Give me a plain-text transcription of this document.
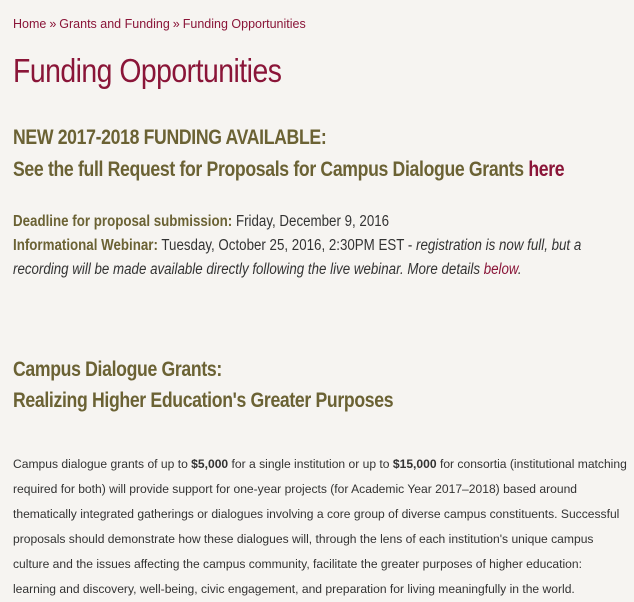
Home » Grants and Funding » Funding Opportunities
Funding Opportunities
NEW 2017-2018 FUNDING AVAILABLE:
See the full Request for Proposals for Campus Dialogue Grants here
Deadline for proposal submission: Friday, December 9, 2016
Informational Webinar: Tuesday, October 25, 2016, 2:30PM EST - registration is now full, but a recording will be made available directly following the live webinar. More details below.
Campus Dialogue Grants:
Realizing Higher Education's Greater Purposes

Campus dialogue grants of up to $5,000 for a single institution or up to $15,000 for consortia (institutional matching required for both) will provide support for one-year projects (for Academic Year 2017–2018) based around thematically integrated gatherings or dialogues involving a core group of diverse campus constituents. Successful proposals should demonstrate how these dialogues will, through the lens of each institution's unique campus culture and the issues affecting the campus community, facilitate the greater purposes of higher education: learning and discovery, well-being, civic engagement, and preparation for living meaningfully in the world.
